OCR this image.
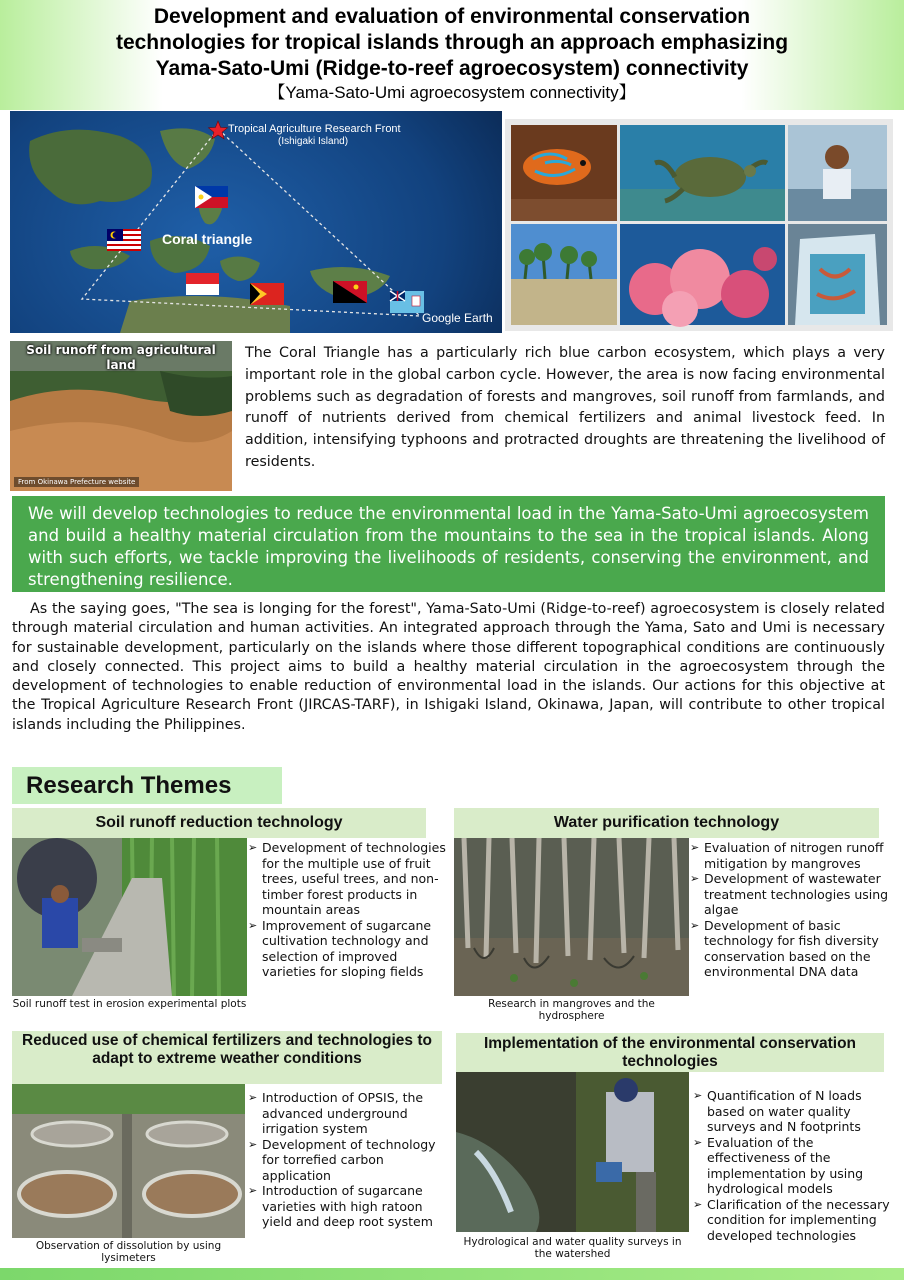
Development and evaluation of environmental conservation
technologies for tropical islands through an approach emphasizing
Yama-Sato-Umi (Ridge-to-reef agroecosystem) connectivity
【Yama-Sato-Umi agroecosystem connectivity】
Tropical Agriculture Research Front
(Ishigaki Island)
Coral triangle
Google Earth
Soil runoff from agricultural land
From Okinawa Prefecture website
The Coral Triangle has a particularly rich blue carbon ecosystem, which plays a very important role in the global carbon cycle. However, the area is now facing environmental problems such as degradation of forests and mangroves, soil runoff from farmlands, and runoff of nutrients derived from chemical fertilizers and animal livestock feed. In addition, intensifying typhoons and protracted droughts are threatening the livelihood of residents.
We will develop technologies to reduce the environmental load in the Yama-Sato-Umi agroecosystem and build a healthy material circulation from the mountains to the sea in the tropical islands. Along with such efforts, we tackle improving the livelihoods of residents, conserving the environment, and strengthening resilience.
As the saying goes, "The sea is longing for the forest", Yama-Sato-Umi (Ridge-to-reef) agroecosystem is closely related through material circulation and human activities. An integrated approach through the Yama, Sato and Umi is necessary for sustainable development, particularly on the islands where those different topographical conditions are continuously and closely connected. This project aims to build a healthy material circulation in the agroecosystem through the development of technologies to enable reduction of environmental load in the islands. Our actions for this objective at the Tropical Agriculture Research Front (JIRCAS-TARF), in Ishigaki Island, Okinawa, Japan, will contribute to other tropical islands including the Philippines.
Research Themes
Soil runoff reduction technology
Soil runoff test in erosion experimental plots
➢ Development of technologies for the multiple use of fruit trees, useful trees, and non-timber forest products in mountain areas
➢ Improvement of sugarcane cultivation technology and selection of improved varieties for sloping fields
Water purification technology
Research in mangroves and the hydrosphere
➢ Evaluation of nitrogen runoff mitigation by mangroves
➢ Development of wastewater treatment technologies using algae
➢ Development of basic technology for fish diversity conservation based on the environmental DNA data
Reduced use of chemical fertilizers and technologies to adapt to extreme weather conditions
Observation of dissolution by using lysimeters
➢ Introduction of OPSIS, the advanced underground irrigation system
➢ Development of technology for torrefied carbon application
➢ Introduction of sugarcane varieties with high ratoon yield and deep root system
Implementation of the environmental conservation technologies
Hydrological and water quality surveys in the watershed
➢ Quantification of N loads based on water quality surveys and N footprints
➢ Evaluation of the effectiveness of the implementation by using hydrological models
➢ Clarification of the necessary condition for implementing developed technologies
